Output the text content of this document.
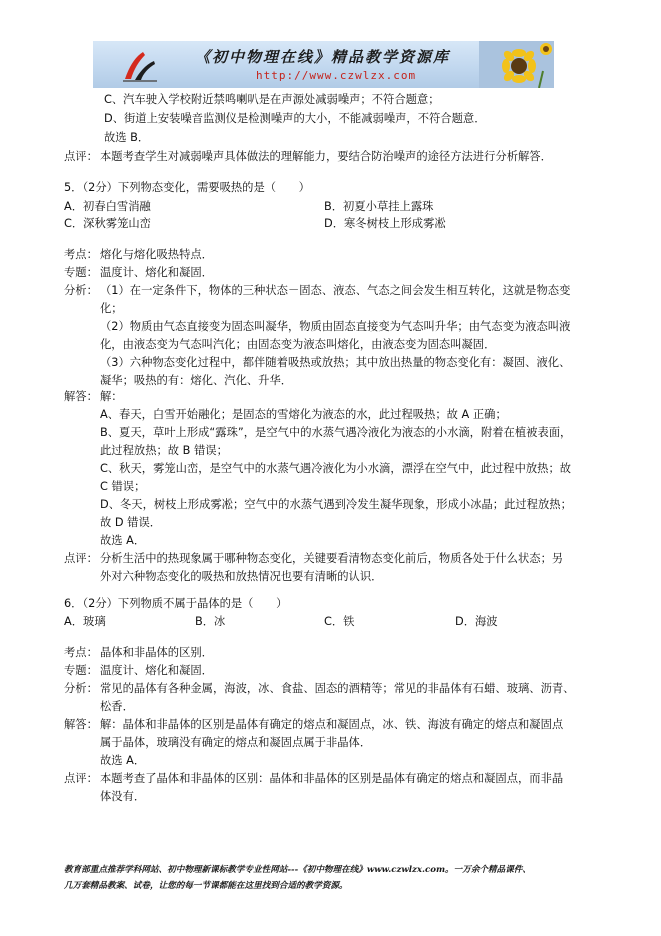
《初中物理在线》精品教学资源库
http://www.czwlzx.com
C、汽车驶入学校附近禁鸣喇叭是在声源处减弱噪声；不符合题意；
D、街道上安装噪音监测仪是检测噪声的大小，不能减弱噪声，不符合题意．
故选 B．
点评： 本题考查学生对减弱噪声具体做法的理解能力，要结合防治噪声的途径方法进行分析解答．
5．（2分）下列物态变化，需要吸热的是（　　）
A．初春白雪消融	B．初夏小草挂上露珠
C．深秋雾笼山峦	D．寒冬树枝上形成雾凇
考点： 熔化与熔化吸热特点．
专题： 温度计、熔化和凝固．
分析： （1）在一定条件下，物体的三种状态－固态、液态、气态之间会发生相互转化，这就是物态变
化；
（2）物质由气态直接变为固态叫凝华，物质由固态直接变为气态叫升华；由气态变为液态叫液
化，由液态变为气态叫汽化；由固态变为液态叫熔化，由液态变为固态叫凝固．
（3）六种物态变化过程中，都伴随着吸热或放热；其中放出热量的物态变化有：凝固、液化、
凝华；吸热的有：熔化、汽化、升华．
解答： 解：
A、春天，白雪开始融化；是固态的雪熔化为液态的水，此过程吸热；故 A 正确；
B、夏天，草叶上形成“露珠”，是空气中的水蒸气遇冷液化为液态的小水滴，附着在植被表面，
此过程放热；故 B 错误；
C、秋天，雾笼山峦，是空气中的水蒸气遇冷液化为小水滴，漂浮在空气中，此过程中放热；故
C 错误；
D、冬天，树枝上形成雾凇；空气中的水蒸气遇到冷发生凝华现象，形成小冰晶；此过程放热；
故 D 错误．
故选 A．
点评： 分析生活中的热现象属于哪种物态变化，关键要看清物态变化前后，物质各处于什么状态；另
外对六种物态变化的吸热和放热情况也要有清晰的认识．
6．（2分）下列物质不属于晶体的是（　　）
A．玻璃	B．冰	C．铁	D．海波
考点： 晶体和非晶体的区别．
专题： 温度计、熔化和凝固．
分析： 常见的晶体有各种金属，海波，冰、食盐、固态的酒精等；常见的非晶体有石蜡、玻璃、沥青、
松香．
解答： 解：晶体和非晶体的区别是晶体有确定的熔点和凝固点，冰、铁、海波有确定的熔点和凝固点
属于晶体，玻璃没有确定的熔点和凝固点属于非晶体．
故选 A．
点评： 本题考查了晶体和非晶体的区别：晶体和非晶体的区别是晶体有确定的熔点和凝固点，而非晶
体没有．
教育部重点推荐学科网站、初中物理新课标教学专业性网站---《初中物理在线》www.czwlzx.com。一万余个精品课件、
几万套精品教案、试卷，让您的每一节课都能在这里找到合适的教学资源。
